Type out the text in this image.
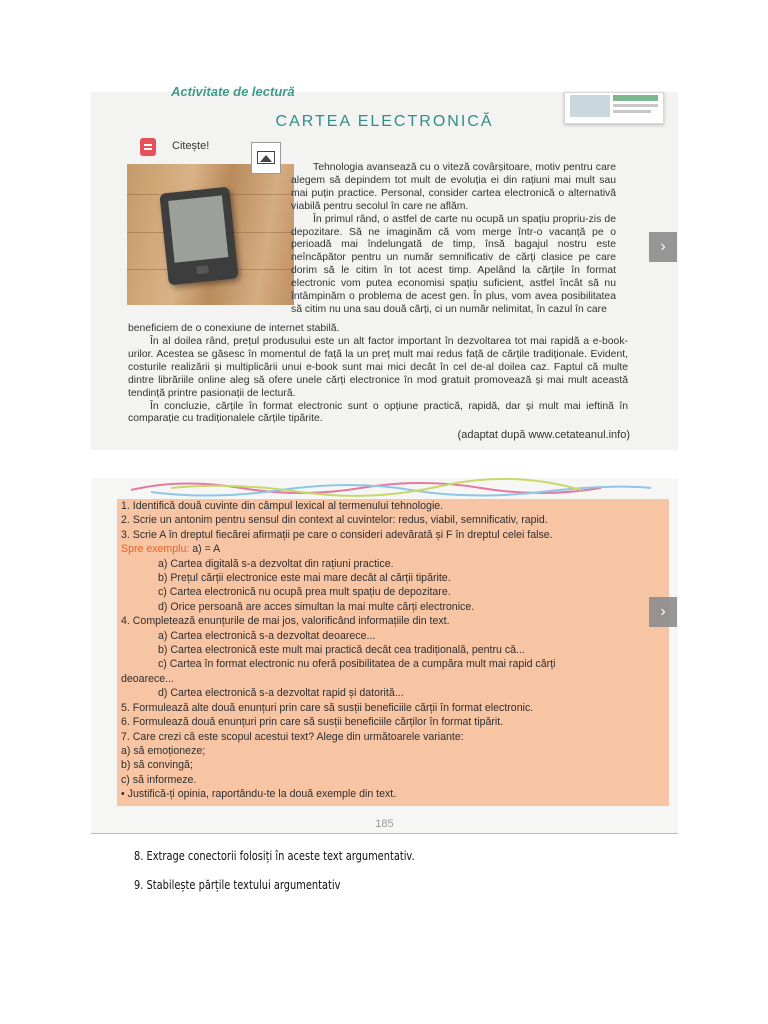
Activitate de lectură
CARTEA ELECTRONICĂ
Citește!

Tehnologia avansează cu o viteză covârșitoare, motiv pentru care alegem să depindem tot mult de evoluția ei din rațiuni mai mult sau mai puțin practice. Personal, consider cartea electronică o alternativă viabilă pentru secolul în care ne aflăm.

În primul rând, o astfel de carte nu ocupă un spațiu propriu-zis de depozitare. Să ne imaginăm că vom merge într-o vacanță pe o perioadă mai îndelungată de timp, însă bagajul nostru este neîncăpător pentru un număr semnificativ de cărți clasice pe care dorim să le citim în tot acest timp. Apelând la cărțile în format electronic vom putea economisi spațiu suficient, astfel încât să nu întâmpinăm o problema de acest gen. În plus, vom avea posibilitatea să citim nu una sau două cărți, ci un număr nelimitat, în cazul în care

beneficiem de o conexiune de internet stabilă.

În al doilea rând, prețul produsului este un alt factor important în dezvoltarea tot mai rapidă a e-book-urilor. Acestea se găsesc în momentul de față la un preț mult mai redus față de cărțile tradiționale. Evident, costurile realizării și multiplicării unui e-book sunt mai mici decât în cel de-al doilea caz. Faptul că multe dintre librăriile online aleg să ofere unele cărți electronice în mod gratuit promovează și mai mult această tendință printre pasionații de lectură.

În concluzie, cărțile în format electronic sunt o opțiune practică, rapidă, dar și mult mai ieftină în comparație cu tradiționalele cărțile tipărite.

(adaptat după www.cetateanul.info)
›
1. Identifică două cuvinte din câmpul lexical al termenului tehnologie.
2. Scrie un antonim pentru sensul din context al cuvintelor: redus, viabil, semnificativ, rapid.
3. Scrie A în dreptul fiecărei afirmații pe care o consideri adevărată și F în dreptul celei false.
Spre exemplu: a) = A
a) Cartea digitală s-a dezvoltat din rațiuni practice.
b) Prețul cărții electronice este mai mare decât al cărții tipărite.
c) Cartea electronică nu ocupă prea mult spațiu de depozitare.
d) Orice persoană are acces simultan la mai multe cărți electronice.
4. Completează enunțurile de mai jos, valorificând informațiile din text.
a) Cartea electronică s-a dezvoltat deoarece...
b) Cartea electronică este mult mai practică decât cea tradițională, pentru că...
c) Cartea în format electronic nu oferă posibilitatea de a cumpăra mult mai rapid cărți
deoarece...
d) Cartea electronică s-a dezvoltat rapid și datorită...
5. Formulează alte două enunțuri prin care să susții beneficiile cărții în format electronic.
6. Formulează două enunțuri prin care să susții beneficiile cărților în format tipărit.
7. Care crezi că este scopul acestui text? Alege din următoarele variante:
a) să emoționeze;
b) să convingă;
c) să informeze.
• Justifică-ți opinia, raportându-te la două exemple din text.
185
›
8. Extrage conectorii folosiți în aceste text argumentativ.
9. Stabilește părțile textului argumentativ
